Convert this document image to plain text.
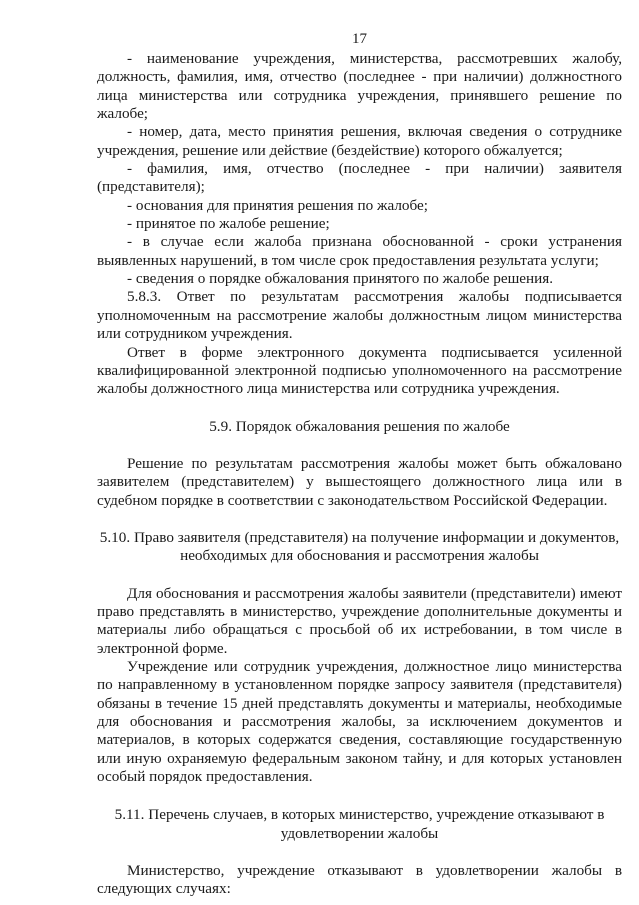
17

- наименование учреждения, министерства, рассмотревших жалобу, должность, фамилия, имя, отчество (последнее - при наличии) должностного лица министерства или сотрудника учреждения, принявшего решение по жалобе;

- номер, дата, место принятия решения, включая сведения о сотруднике учреждения, решение или действие (бездействие) которого обжалуется;

- фамилия, имя, отчество (последнее - при наличии) заявителя (представителя);

- основания для принятия решения по жалобе;

- принятое по жалобе решение;

- в случае если жалоба признана обоснованной - сроки устранения выявленных нарушений, в том числе срок предоставления результата услуги;

- сведения о порядке обжалования принятого по жалобе решения.

5.8.3. Ответ по результатам рассмотрения жалобы подписывается уполномоченным на рассмотрение жалобы должностным лицом министерства или сотрудником учреждения.

Ответ в форме электронного документа подписывается усиленной квалифицированной электронной подписью уполномоченного на рассмотрение жалобы должностного лица министерства или сотрудника учреждения.

5.9. Порядок обжалования решения по жалобе

Решение по результатам рассмотрения жалобы может быть обжаловано заявителем (представителем) у вышестоящего должностного лица или в судебном порядке в соответствии с законодательством Российской Федерации.

5.10. Право заявителя (представителя) на получение информации и документов, необходимых для обоснования и рассмотрения жалобы

Для обоснования и рассмотрения жалобы заявители (представители) имеют право представлять в министерство, учреждение дополнительные документы и материалы либо обращаться с просьбой об их истребовании, в том числе в электронной форме.

Учреждение или сотрудник учреждения, должностное лицо министерства по направленному в установленном порядке запросу заявителя (представителя) обязаны в течение 15 дней представлять документы и материалы, необходимые для обоснования и рассмотрения жалобы, за исключением документов и материалов, в которых содержатся сведения, составляющие государственную или иную охраняемую федеральным законом тайну, и для которых установлен особый порядок предоставления.

5.11. Перечень случаев, в которых министерство, учреждение отказывают в удовлетворении жалобы

Министерство, учреждение отказывают в удовлетворении жалобы в следующих случаях:
